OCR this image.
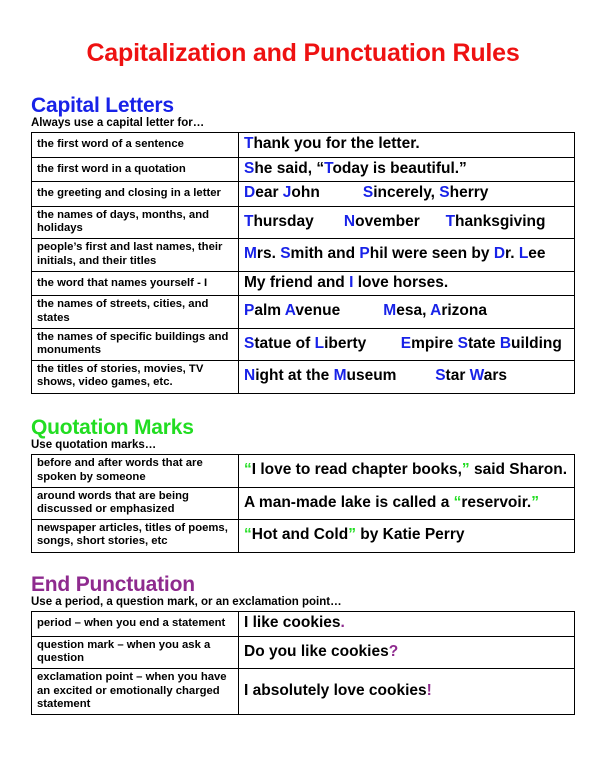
Capitalization and Punctuation Rules
Capital Letters
Always use a capital letter for…
the first word of a sentence	Thank you for the letter.
the first word in a quotation	She said, “Today is beautiful.”
the greeting and closing in a letter	Dear John          Sincerely, Sherry
the names of days, months, and holidays	Thursday       November      Thanksgiving
people’s first and last names, their initials, and their titles	Mrs. Smith and Phil were seen by Dr. Lee
the word that names yourself - I	My friend and I love horses.
the names of streets, cities, and states	Palm Avenue          Mesa, Arizona
the names of specific buildings and monuments	Statue of Liberty        Empire State Building
the titles of stories, movies, TV shows, video games, etc.	Night at the Museum         Star Wars
Quotation Marks
Use quotation marks…
before and after words that are spoken by someone	“I love to read chapter books,” said Sharon.
around words that are being discussed or emphasized	A man-made lake is called a “reservoir.”
newspaper articles, titles of poems, songs, short stories, etc	“Hot and Cold” by Katie Perry
End Punctuation
Use a period, a question mark, or an exclamation point…
period – when you end a statement	I like cookies.
question mark – when you ask a question	Do you like cookies?
exclamation point – when you have an excited or emotionally charged statement	I absolutely love cookies!
